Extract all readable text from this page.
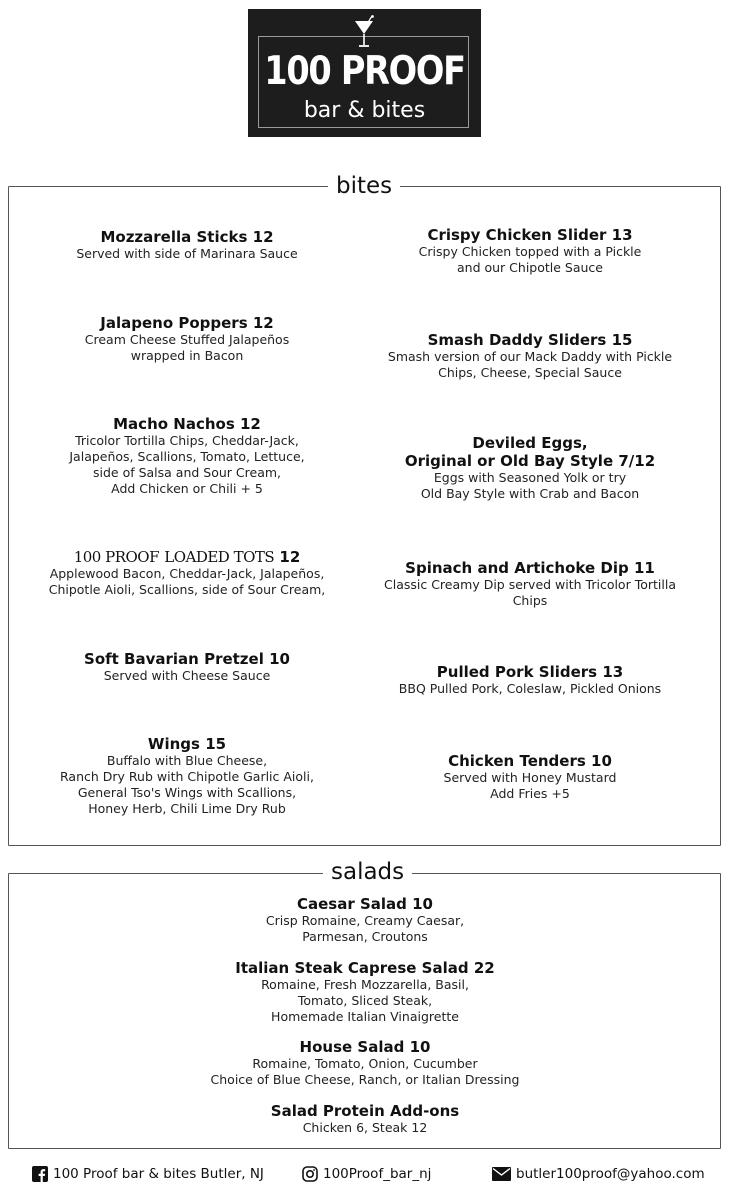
100 PROOF
bar & bites
bites
Mozzarella Sticks 12
Served with side of Marinara Sauce
Jalapeno Poppers 12
Cream Cheese Stuffed Jalapeños
wrapped in Bacon
Macho Nachos 12
Tricolor Tortilla Chips, Cheddar-Jack,
Jalapeños, Scallions, Tomato, Lettuce,
side of Salsa and Sour Cream,
Add Chicken or Chili + 5
100 PROOF LOADED TOTS 12
Applewood Bacon, Cheddar-Jack, Jalapeños,
Chipotle Aioli, Scallions, side of Sour Cream,
Soft Bavarian Pretzel 10
Served with Cheese Sauce
Wings 15
Buffalo with Blue Cheese,
Ranch Dry Rub with Chipotle Garlic Aioli,
General Tso's Wings with Scallions,
Honey Herb, Chili Lime Dry Rub
Crispy Chicken Slider 13
Crispy Chicken topped with a Pickle
and our Chipotle Sauce
Smash Daddy Sliders 15
Smash version of our Mack Daddy with Pickle
Chips, Cheese, Special Sauce
Deviled Eggs,
Original or Old Bay Style 7/12
Eggs with Seasoned Yolk or try
Old Bay Style with Crab and Bacon
Spinach and Artichoke Dip 11
Classic Creamy Dip served with Tricolor Tortilla
Chips
Pulled Pork Sliders 13
BBQ Pulled Pork, Coleslaw, Pickled Onions
Chicken Tenders 10
Served with Honey Mustard
Add Fries +5
salads
Caesar Salad 10
Crisp Romaine, Creamy Caesar,
Parmesan, Croutons
Italian Steak Caprese Salad 22
Romaine, Fresh Mozzarella, Basil,
Tomato, Sliced Steak,
Homemade Italian Vinaigrette
House Salad 10
Romaine, Tomato, Onion, Cucumber
Choice of Blue Cheese, Ranch, or Italian Dressing
Salad Protein Add-ons
Chicken 6, Steak 12
100 Proof bar & bites Butler, NJ	100Proof_bar_nj	butler100proof@yahoo.com
